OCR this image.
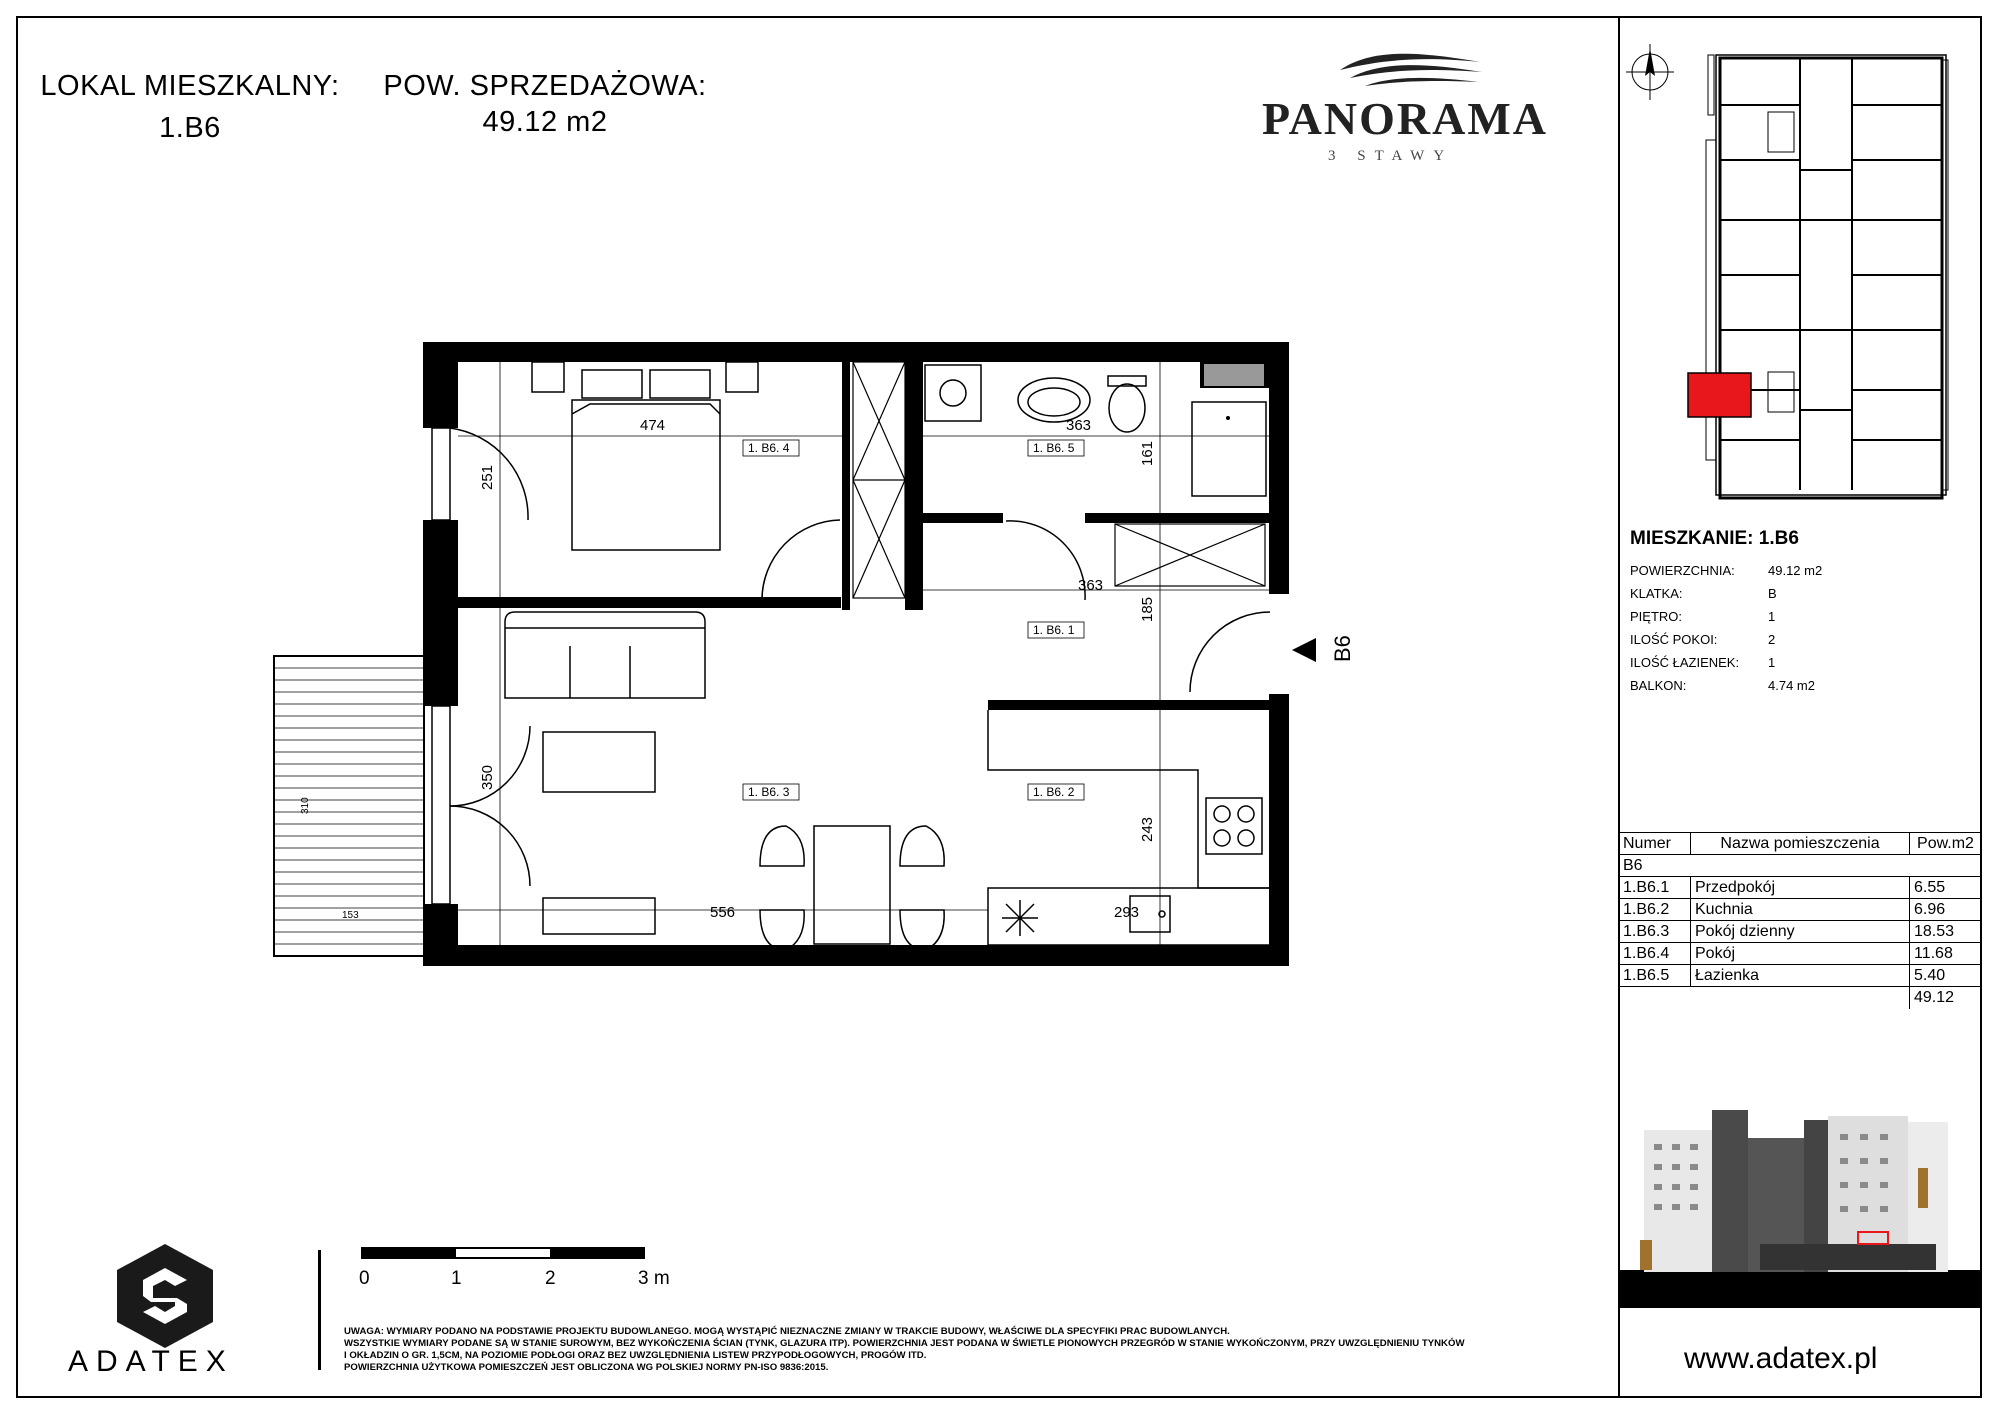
LOKAL MIESZKALNY:
1.B6
POW. SPRZEDAŻOWA:
49.12 m2	PANORAMA
3 STAWY
474
251
363
161
363
185
350
556
243
293
310
153
1. B6. 4	1. B6. 5
1. B6. 1
1. B6. 3	1. B6. 2
B6
0	1	2	3 m
ADATEX
UWAGA: WYMIARY PODANO NA PODSTAWIE PROJEKTU BUDOWLANEGO. MOGĄ WYSTĄPIĆ NIEZNACZNE ZMIANY W TRAKCIE BUDOWY, WŁAŚCIWE DLA SPECYFIKI PRAC BUDOWLANYCH.
WSZYSTKIE WYMIARY PODANE SĄ W STANIE SUROWYM, BEZ WYKOŃCZENIA ŚCIAN (TYNK, GLAZURA ITP). POWIERZCHNIA JEST PODANA W ŚWIETLE PIONOWYCH PRZEGRÓD W STANIE WYKOŃCZONYM, PRZY UWZGLĘDNIENIU TYNKÓW
I OKŁADZIN O GR. 1,5CM, NA POZIOMIE PODŁOGI ORAZ BEZ UWZGLĘDNIENIA LISTEW PRZYPODŁOGOWYCH, PROGÓW ITD.
POWIERZCHNIA UŻYTKOWA POMIESZCZEŃ JEST OBLICZONA WG POLSKIEJ NORMY PN-ISO 9836:2015.
MIESZKANIE: 1.B6
POWIERZCHNIA:	49.12 m2
KLATKA:	B
PIĘTRO:	1
ILOŚĆ POKOI:	2
ILOŚĆ ŁAZIENEK: 1
BALKON:	4.74 m2
Numer	Nazwa pomieszczenia	Pow.m2
B6		
1.B6.1	Przedpokój	6.55
1.B6.2	Kuchnia	6.96
1.B6.3	Pokój dzienny	18.53
1.B6.4	Pokój	11.68
1.B6.5	Łazienka	5.40
		49.12
www.adatex.pl
